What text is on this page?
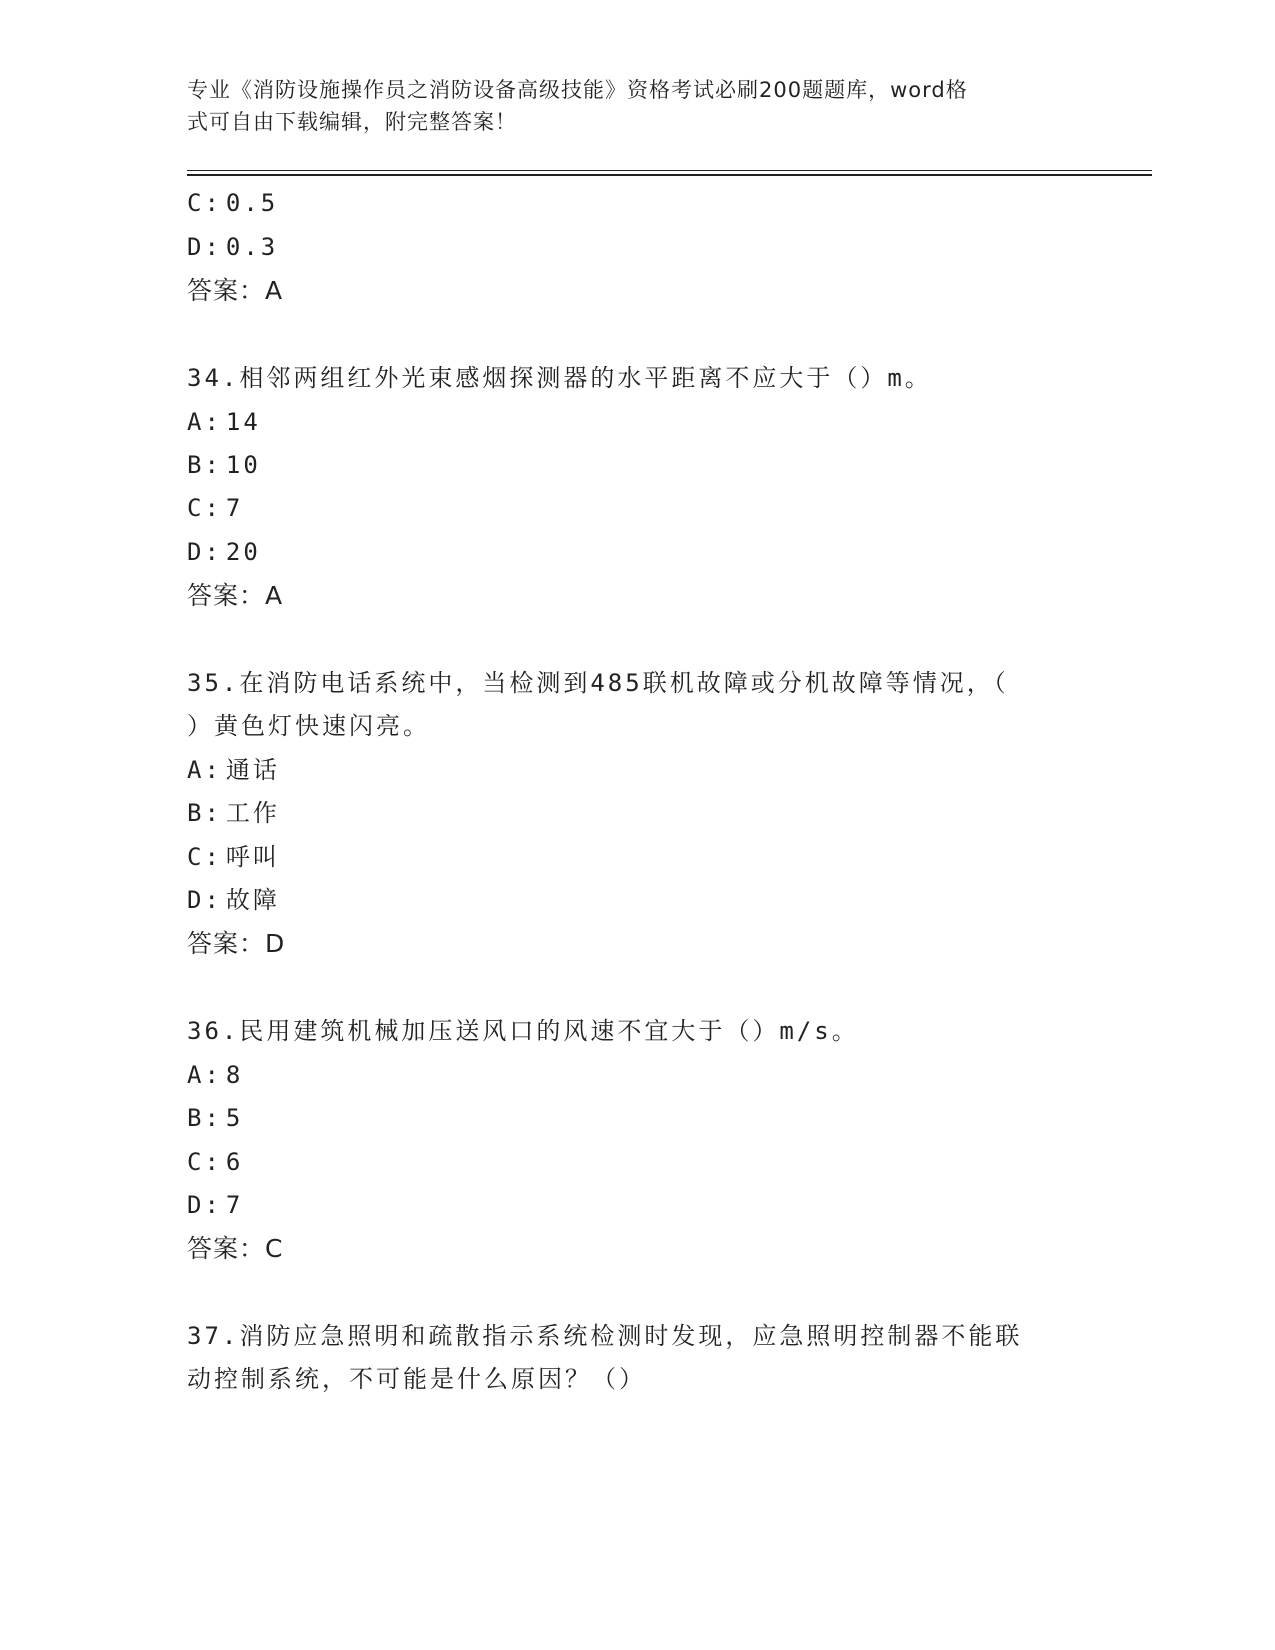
专业《消防设施操作员之消防设备高级技能》资格考试必刷200题题库，word格
式可自由下载编辑，附完整答案！
C: 0.5
D: 0.3
答案：A
34.相邻两组红外光束感烟探测器的水平距离不应大于（）m。
A: 14
B: 10
C: 7
D: 20
答案：A
35.在消防电话系统中，当检测到485联机故障或分机故障等情况，（
）黄色灯快速闪亮。
A: 通话
B: 工作
C: 呼叫
D: 故障
答案：D
36.民用建筑机械加压送风口的风速不宜大于（）m/s。
A: 8
B: 5
C: 6
D: 7
答案：C
37.消防应急照明和疏散指示系统检测时发现，应急照明控制器不能联
动控制系统，不可能是什么原因？（）
